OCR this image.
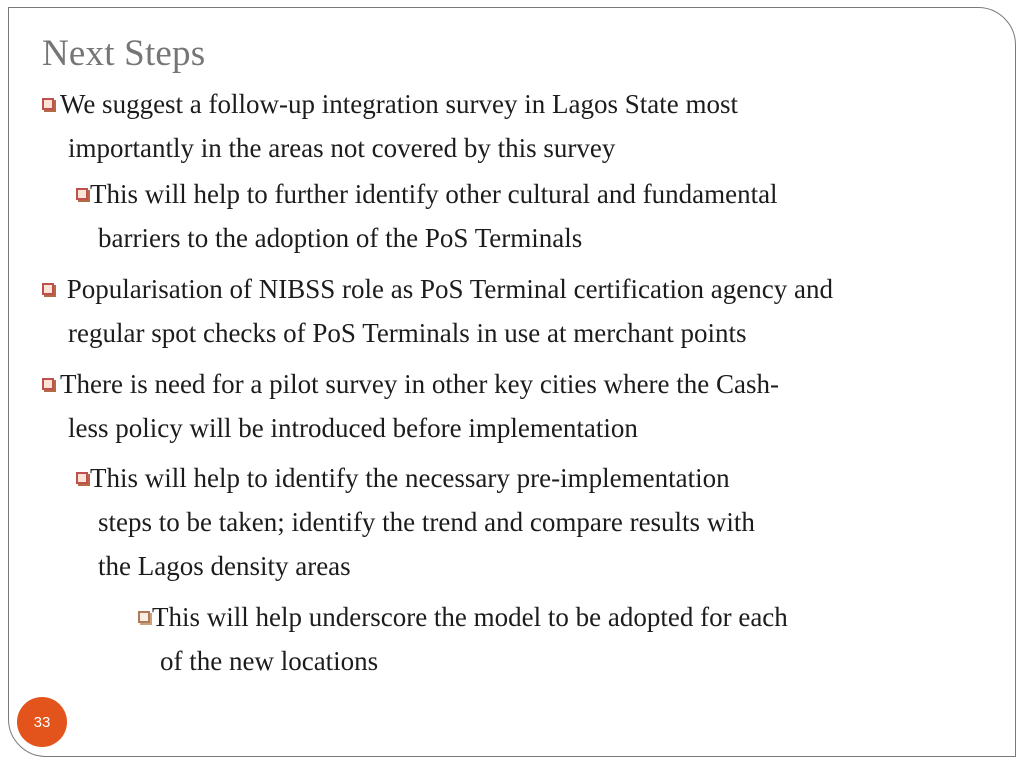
Next Steps
We suggest a follow-up integration survey in Lagos State most
importantly in the areas not covered by this survey
This will help to further identify other cultural and fundamental
barriers to the adoption of the PoS Terminals
Popularisation of NIBSS role as PoS Terminal certification agency and
regular spot checks of PoS Terminals in use at merchant points
There is need for a pilot survey in other key cities where the Cash-
less policy will be introduced before implementation
This will help to identify the necessary pre-implementation
steps to be taken; identify the trend and compare results with
the Lagos density areas
This will help underscore the model to be adopted for each
of the new locations
33
